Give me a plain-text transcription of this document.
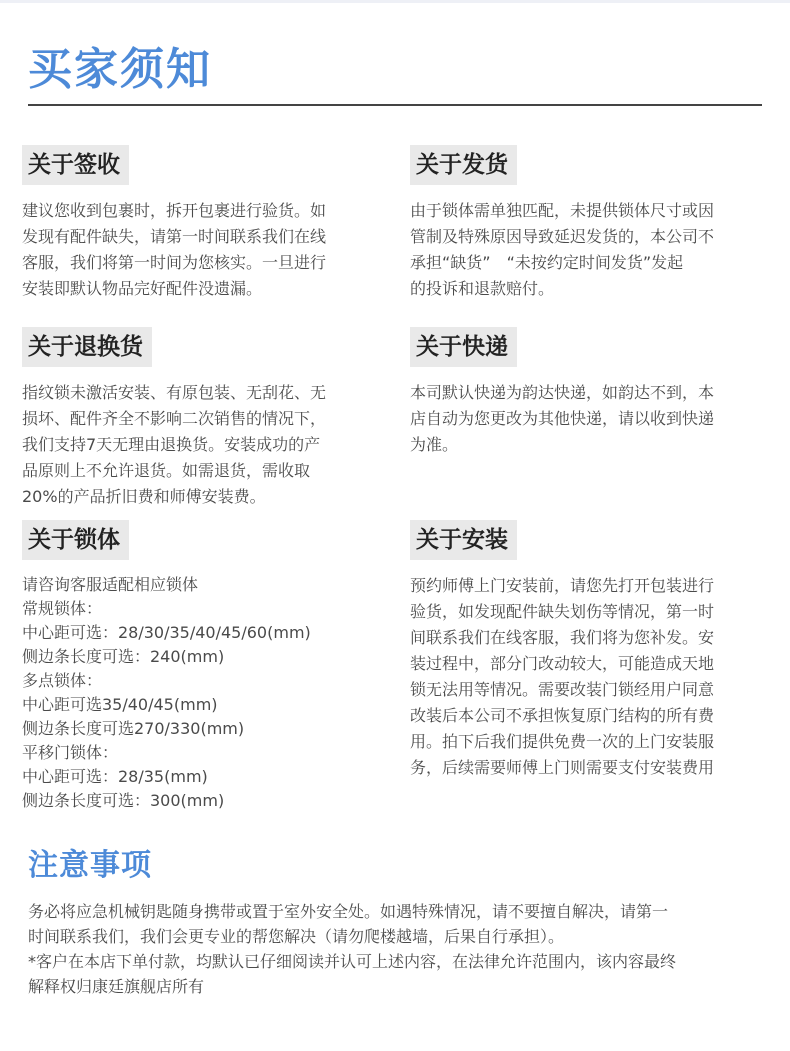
买家须知
关于签收

建议您收到包裹时，拆开包裹进行验货。如

发现有配件缺失，请第一时间联系我们在线

客服，我们将第一时间为您核实。一旦进行

安装即默认物品完好配件没遗漏。

关于发货

由于锁体需单独匹配，未提供锁体尺寸或因

管制及特殊原因导致延迟发货的，本公司不

承担“缺货”　“未按约定时间发货”发起

的投诉和退款赔付。

关于退换货

指纹锁未激活安装、有原包装、无刮花、无

损坏、配件齐全不影响二次销售的情况下，

我们支持7天无理由退换货。安装成功的产

品原则上不允许退货。如需退货，需收取

20%的产品折旧费和师傅安装费。

关于快递

本司默认快递为韵达快递，如韵达不到，本

店自动为您更改为其他快递，请以收到快递

为准。

关于锁体

请咨询客服适配相应锁体

常规锁体：

中心距可选：28/30/35/40/45/60(mm)

侧边条长度可选：240(mm)

多点锁体：

中心距可选35/40/45(mm)

侧边条长度可选270/330(mm)

平移门锁体：

中心距可选：28/35(mm)

侧边条长度可选：300(mm)

关于安装

预约师傅上门安装前，请您先打开包装进行

验货，如发现配件缺失划伤等情况，第一时

间联系我们在线客服，我们将为您补发。安

装过程中，部分门改动较大，可能造成天地

锁无法用等情况。需要改装门锁经用户同意

改装后本公司不承担恢复原门结构的所有费

用。拍下后我们提供免费一次的上门安装服

务，后续需要师傅上门则需要支付安装费用

注意事项

务必将应急机械钥匙随身携带或置于室外安全处。如遇特殊情况，请不要擅自解决，请第一

时间联系我们，我们会更专业的帮您解决（请勿爬楼越墙，后果自行承担）。

*客户在本店下单付款，均默认已仔细阅读并认可上述内容，在法律允许范围内，该内容最终

解释权归康廷旗舰店所有
